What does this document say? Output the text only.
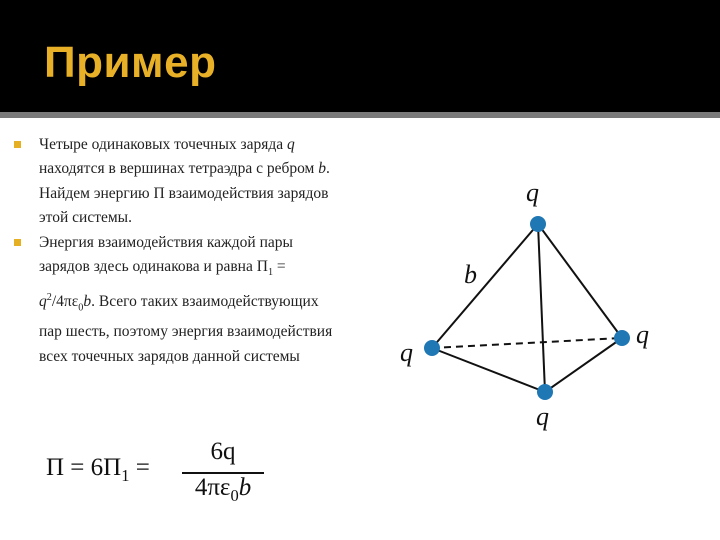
Пример
Четыре одинаковых точечных заряда q находятся в вершинах тетраэдра с ребром b. Найдем энергию П взаимодействия зарядов этой системы.
Энергия взаимодействия каждой пары зарядов здесь одинакова и равна $П_1 = q^2/4\pi\varepsilon_0b$. Всего таких взаимодействующих пар шесть, поэтому энергия взаимодействия всех точечных зарядов данной системы
$П = 6П_1$ =
6q
$4\pi\varepsilon_0b$
q
q
q
q
b
